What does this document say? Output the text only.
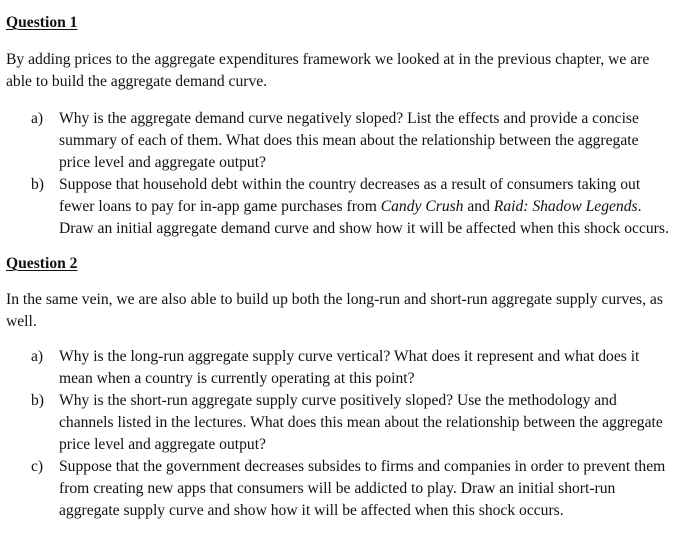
Question 1

By adding prices to the aggregate expenditures framework we looked at in the previous chapter, we are
able to build the aggregate demand curve.

a) Why is the aggregate demand curve negatively sloped? List the effects and provide a concise
summary of each of them. What does this mean about the relationship between the aggregate
price level and aggregate output?
b) Suppose that household debt within the country decreases as a result of consumers taking out
fewer loans to pay for in-app game purchases from Candy Crush and Raid: Shadow Legends.
Draw an initial aggregate demand curve and show how it will be affected when this shock occurs.
Question 2

In the same vein, we are also able to build up both the long-run and short-run aggregate supply curves, as
well.

a) Why is the long-run aggregate supply curve vertical? What does it represent and what does it
mean when a country is currently operating at this point?
b) Why is the short-run aggregate supply curve positively sloped? Use the methodology and
channels listed in the lectures. What does this mean about the relationship between the aggregate
price level and aggregate output?
c) Suppose that the government decreases subsides to firms and companies in order to prevent them
from creating new apps that consumers will be addicted to play. Draw an initial short-run
aggregate supply curve and show how it will be affected when this shock occurs.
